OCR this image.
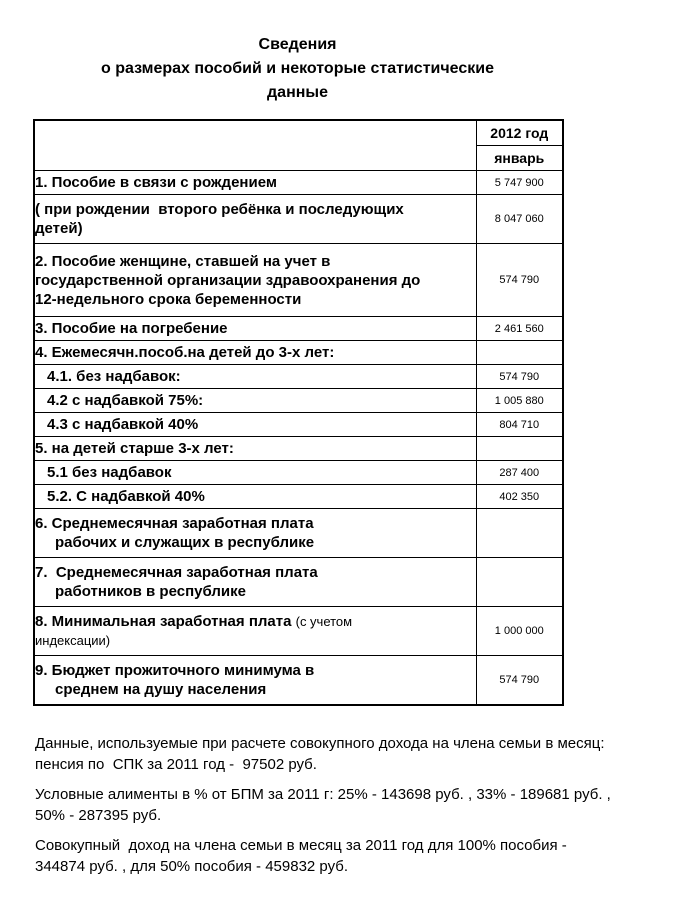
Сведения
о размерах пособий и некоторые статистические
данные
	2012 год
	январь

1. Пособие в связи с рождением	5 747 900

( при рождении  второго ребёнка и последующих
детей)	8 047 060

2. Пособие женщине, ставшей на учет в
государственной организации здравоохранения до
12-недельного срока беременности	574 790

3. Пособие на погребение	2 461 560

4. Ежемесячн.пособ.на детей до 3-х лет:	

4.1. без надбавок:	574 790

4.2 с надбавкой 75%:	1 005 880

4.3 с надбавкой 40%	804 710

5. на детей старше 3-х лет:	

5.1 без надбавок	287 400

5.2. С надбавкой 40%	402 350

6. Среднемесячная заработная плата
рабочих и служащих в республике	

7.  Среднемесячная заработная плата
работников в республике	

8. Минимальная заработная плата (с учетом
индексации)	1 000 000

9. Бюджет прожиточного минимума в
среднем на душу населения	574 790
Данные, используемые при расчете совокупного дохода на члена семьи в месяц:
пенсия по  СПК за 2011 год -  97502 руб.
Условные алименты в % от БПМ за 2011 г: 25% - 143698 руб. , 33% - 189681 руб. ,
50% - 287395 руб.
Совокупный  доход на члена семьи в месяц за 2011 год для 100% пособия -
344874 руб. , для 50% пособия - 459832 руб.
